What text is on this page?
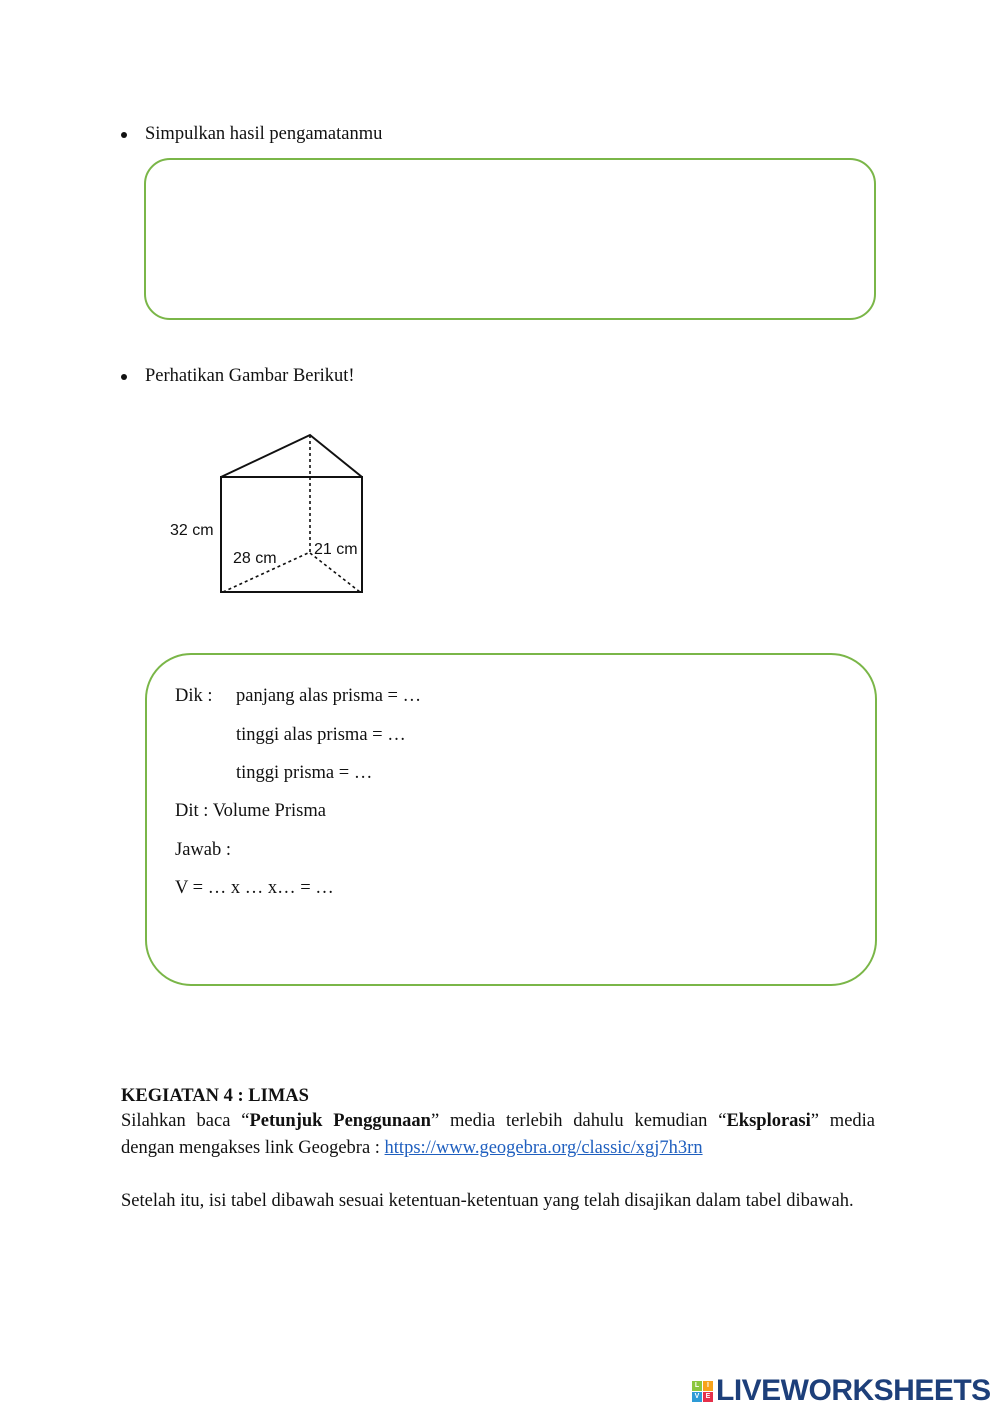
Simpulkan hasil pengamatanmu
Perhatikan Gambar Berikut!
32 cm
28 cm
21 cm
Dik : panjang alas prisma = …
tinggi alas prisma = …
tinggi prisma = …
Dit : Volume Prisma
Jawab :
V = … x … x… = …
KEGIATAN 4 : LIMAS
Silahkan baca “Petunjuk Penggunaan” media terlebih dahulu kemudian “Eksplorasi” media dengan mengakses link Geogebra : https://www.geogebra.org/classic/xgj7h3rn
Setelah itu, isi tabel dibawah sesuai ketentuan-ketentuan yang telah disajikan dalam tabel dibawah.
L	I
V E LIVEWORKSHEETS
